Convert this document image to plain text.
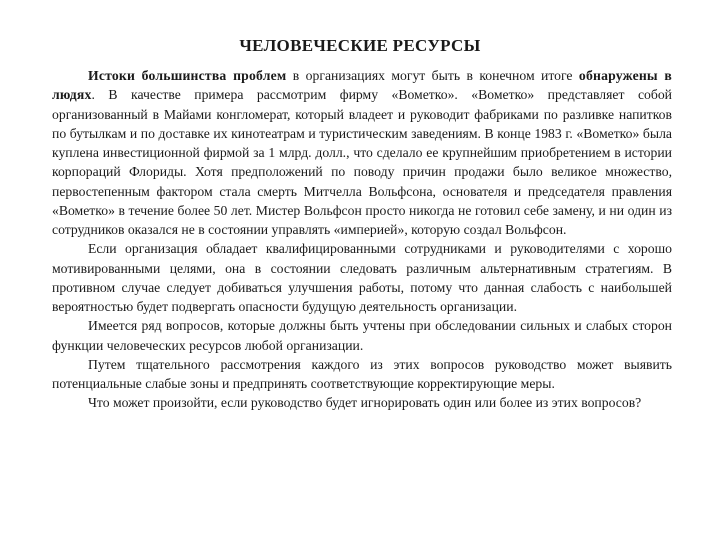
ЧЕЛОВЕЧЕСКИЕ РЕСУРСЫ

Истоки большинства проблем в организациях могут быть в конечном итоге обнаружены в людях. В качестве примера рассмотрим фирму «Вометко». «Вометко» представляет собой организованный в Майами конгломерат, который владеет и руководит фабриками по разливке напитков по бутылкам и по доставке их кинотеатрам и туристическим заведениям. В конце 1983 г. «Вометко» была куплена инвестиционной фирмой за 1 млрд. долл., что сделало ее крупнейшим приобретением в истории корпораций Флориды. Хотя предположений по поводу причин продажи было великое множество, первостепенным фактором стала смерть Митчелла Вольфсона, основателя и председателя правления «Вометко» в течение более 50 лет. Мистер Вольфсон просто никогда не готовил себе замену, и ни один из сотрудников оказался не в состоянии управлять «империей», которую создал Вольфсон.

Если организация обладает квалифицированными сотрудниками и руководителями с хорошо мотивированными целями, она в состоянии следовать различным альтернативным стратегиям. В противном случае следует добиваться улучшения работы, потому что данная слабость с наибольшей вероятностью будет подвергать опасности будущую деятельность организации.

Имеется ряд вопросов, которые должны быть учтены при обследовании сильных и слабых сторон функции человеческих ресурсов любой организации.

Путем тщательного рассмотрения каждого из этих вопросов руководство может выявить потенциальные слабые зоны и предпринять соответствующие корректирующие меры.

Что может произойти, если руководство будет игнорировать один или более из этих вопросов?
